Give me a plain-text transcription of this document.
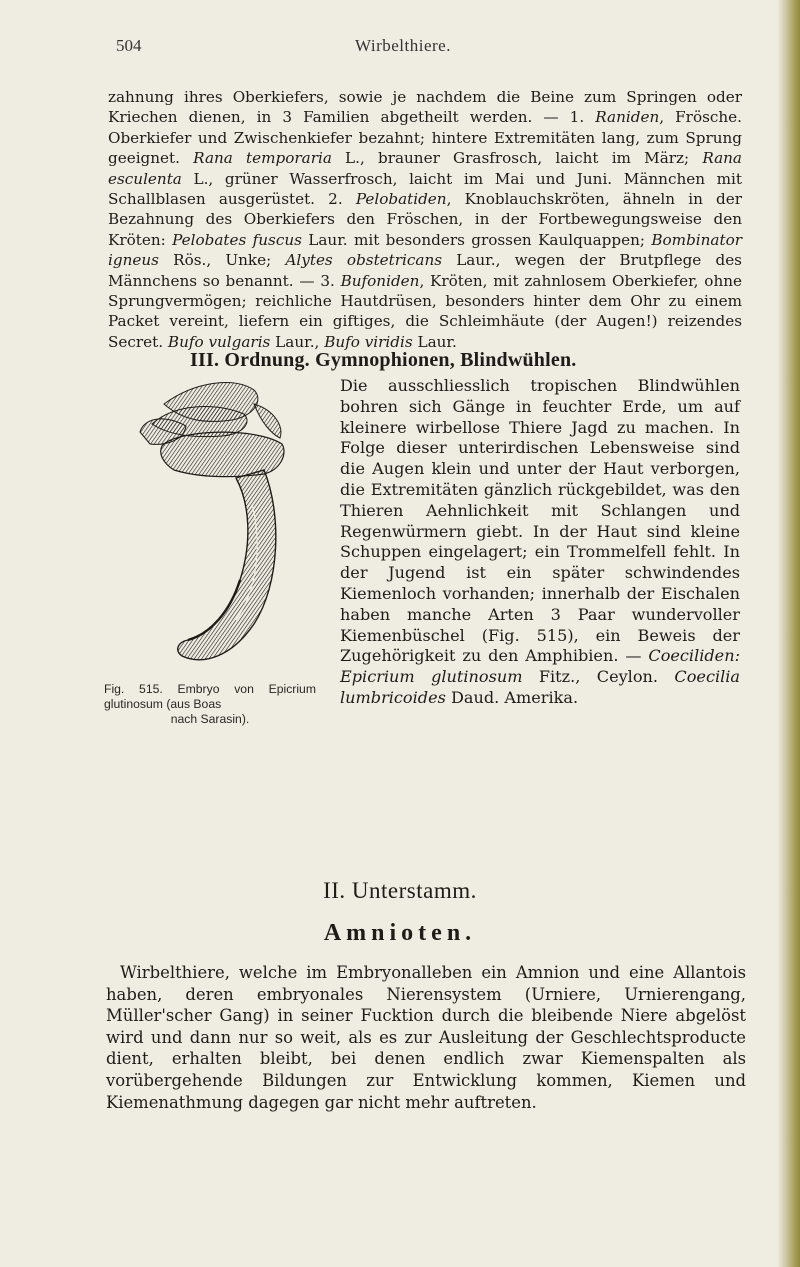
504	Wirbelthiere.
zahnung ihres Oberkiefers, sowie je nachdem die Beine zum Springen oder Kriechen dienen, in 3 Familien abgetheilt werden. — 1. Raniden, Frösche. Oberkiefer und Zwischenkiefer bezahnt; hintere Extremitäten lang, zum Sprung geeignet. Rana temporaria L., brauner Grasfrosch, laicht im März; Rana esculenta L., grüner Wasserfrosch, laicht im Mai und Juni. Männchen mit Schallblasen ausgerüstet. 2. Pelobatiden, Knoblauchskröten, ähneln in der Bezahnung des Oberkiefers den Fröschen, in der Fortbewegungsweise den Kröten: Pelobates fuscus Laur. mit besonders grossen Kaulquappen; Bombinator igneus Rös., Unke; Alytes obstetricans Laur., wegen der Brutpflege des Männchens so benannt. — 3. Bufoniden, Kröten, mit zahnlosem Oberkiefer, ohne Sprungvermögen; reichliche Hautdrüsen, besonders hinter dem Ohr zu einem Packet vereint, liefern ein giftiges, die Schleimhäute (der Augen!) reizendes Secret. Bufo vulgaris Laur., Bufo viridis Laur.
III. Ordnung. Gymnophionen, Blindwühlen.
Fig. 515. Embryo von Epicrium glutinosum (aus Boas
nach Sarasin).
Die ausschliesslich tropischen Blindwühlen bohren sich Gänge in feuchter Erde, um auf kleinere wirbellose Thiere Jagd zu machen. In Folge dieser unterirdischen Lebensweise sind die Augen klein und unter der Haut verborgen, die Extremitäten gänzlich rückgebildet, was den Thieren Aehnlichkeit mit Schlangen und Regenwürmern giebt. In der Haut sind kleine Schuppen eingelagert; ein Trommelfell fehlt. In der Jugend ist ein später schwindendes Kiemenloch vorhanden; innerhalb der Eischalen haben manche Arten 3 Paar wundervoller Kiemenbüschel (Fig. 515), ein Beweis der Zugehörigkeit zu den Amphibien. — Coeciliden: Epicrium glutinosum Fitz., Ceylon. Coecilia lumbricoides Daud. Amerika.
II. Unterstamm.
Amnioten.
Wirbelthiere, welche im Embryonalleben ein Amnion und eine Allantois haben, deren embryonales Nierensystem (Urniere, Urnierengang, Müller'scher Gang) in seiner Fucktion durch die bleibende Niere abgelöst wird und dann nur so weit, als es zur Ausleitung der Geschlechtsproducte dient, erhalten bleibt, bei denen endlich zwar Kiemenspalten als vorübergehende Bildungen zur Entwicklung kommen, Kiemen und Kiemenathmung dagegen gar nicht mehr auftreten.
